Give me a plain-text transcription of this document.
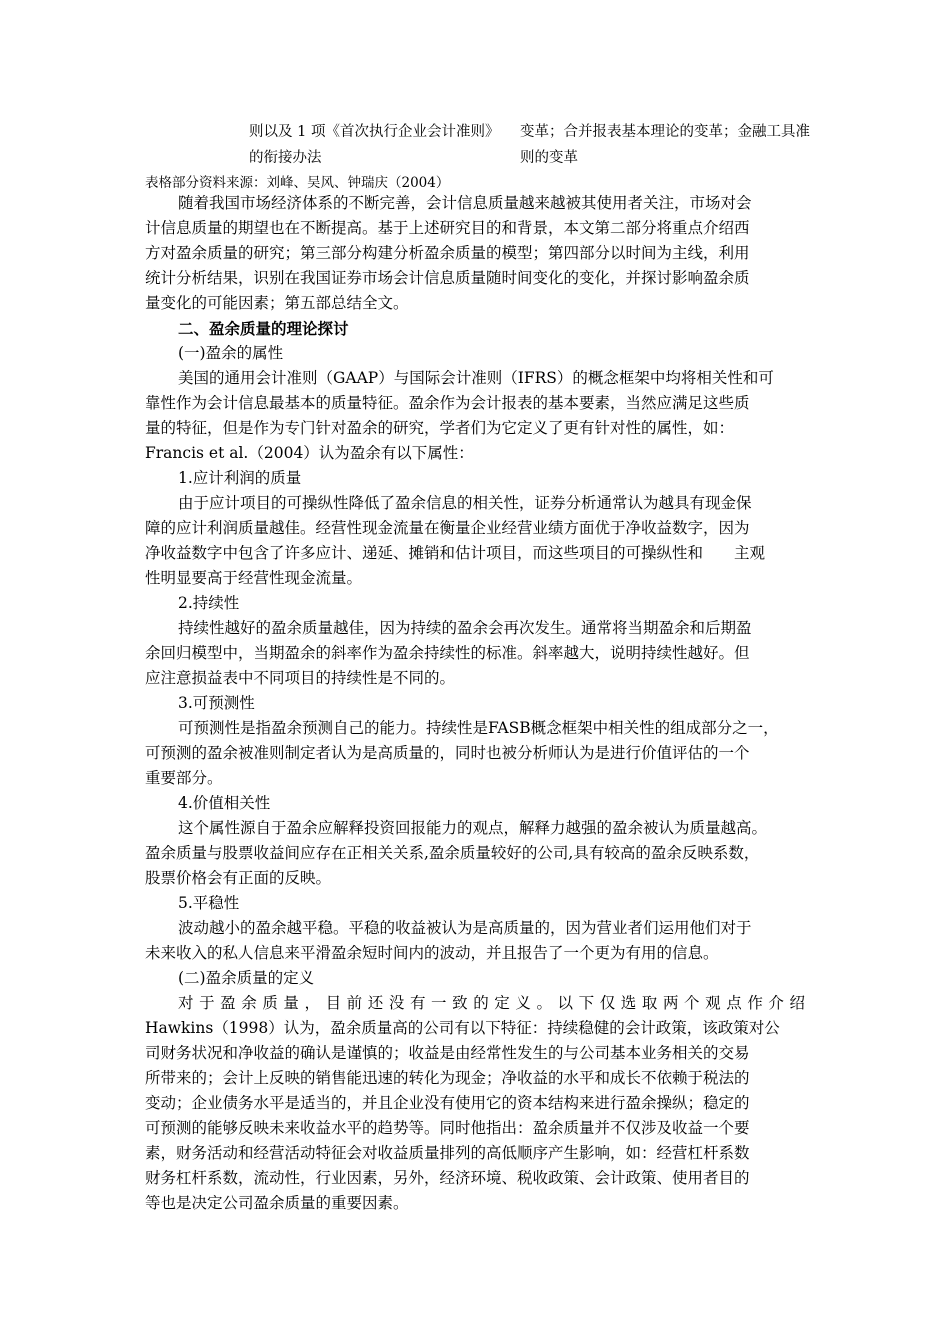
则以及 1 项《首次执行企业会计准则》
的衔接办法
变革；合并报表基本理论的变革；金融工具准
则的变革
表格部分资料来源：刘峰、吴风、钟瑞庆（2004）
随着我国市场经济体系的不断完善，会计信息质量越来越被其使用者关注，市场对会
计信息质量的期望也在不断提高。基于上述研究目的和背景，本文第二部分将重点介绍西
方对盈余质量的研究；第三部分构建分析盈余质量的模型；第四部分以时间为主线，利用
统计分析结果，识别在我国证券市场会计信息质量随时间变化的变化，并探讨影响盈余质
量变化的可能因素；第五部总结全文。
二、盈余质量的理论探讨
(一)盈余的属性
美国的通用会计准则（GAAP）与国际会计准则（IFRS）的概念框架中均将相关性和可
靠性作为会计信息最基本的质量特征。盈余作为会计报表的基本要素，当然应满足这些质
量的特征，但是作为专门针对盈余的研究，学者们为它定义了更有针对性的属性，如：
Francis et al.（2004）认为盈余有以下属性：
1.应计利润的质量
由于应计项目的可操纵性降低了盈余信息的相关性，证券分析通常认为越具有现金保
障的应计利润质量越佳。经营性现金流量在衡量企业经营业绩方面优于净收益数字，因为
净收益数字中包含了许多应计、递延、摊销和估计项目，而这些项目的可操纵性和　　主观
性明显要高于经营性现金流量。
2.持续性
持续性越好的盈余质量越佳，因为持续的盈余会再次发生。通常将当期盈余和后期盈
余回归模型中，当期盈余的斜率作为盈余持续性的标准。斜率越大，说明持续性越好。但
应注意损益表中不同项目的持续性是不同的。
3.可预测性
可预测性是指盈余预测自己的能力。持续性是FASB概念框架中相关性的组成部分之一，
可预测的盈余被准则制定者认为是高质量的，同时也被分析师认为是进行价值评估的一个
重要部分。
4.价值相关性
这个属性源自于盈余应解释投资回报能力的观点，解释力越强的盈余被认为质量越高。
盈余质量与股票收益间应存在正相关关系,盈余质量较好的公司,具有较高的盈余反映系数，
股票价格会有正面的反映。
5.平稳性
波动越小的盈余越平稳。平稳的收益被认为是高质量的，因为营业者们运用他们对于
未来收入的私人信息来平滑盈余短时间内的波动，并且报告了一个更为有用的信息。
(二)盈余质量的定义
对于盈余质量，目前还没有一致的定义。以下仅选取两个观点作介绍
Hawkins（1998）认为，盈余质量高的公司有以下特征：持续稳健的会计政策，该政策对公
司财务状况和净收益的确认是谨慎的；收益是由经常性发生的与公司基本业务相关的交易
所带来的；会计上反映的销售能迅速的转化为现金；净收益的水平和成长不依赖于税法的
变动；企业债务水平是适当的，并且企业没有使用它的资本结构来进行盈余操纵；稳定的
可预测的能够反映未来收益水平的趋势等。同时他指出：盈余质量并不仅涉及收益一个要
素，财务活动和经营活动特征会对收益质量排列的高低顺序产生影响，如：经营杠杆系数
财务杠杆系数，流动性，行业因素，另外，经济环境、税收政策、会计政策、使用者目的
等也是决定公司盈余质量的重要因素。
